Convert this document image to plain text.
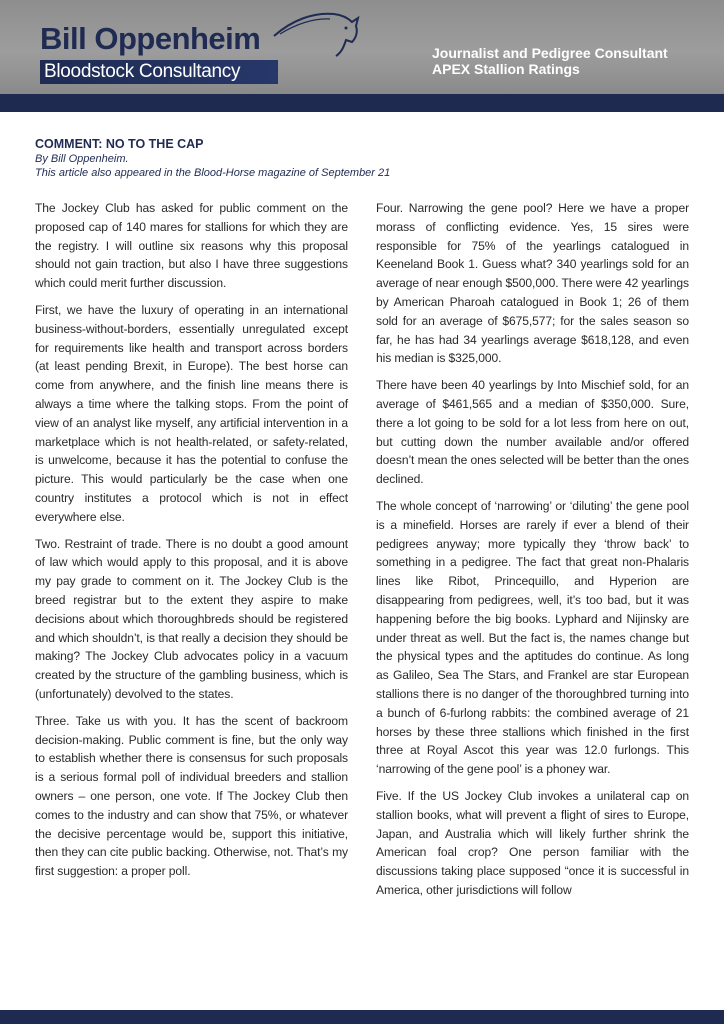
Bill Oppenheim
Bloodstock Consultancy
Journalist and Pedigree Consultant
APEX Stallion Ratings
COMMENT: NO TO THE CAP

By Bill Oppenheim.

This article also appeared in the Blood-Horse magazine of September 21

The Jockey Club has asked for public comment on the proposed cap of 140 mares for stallions for which they are the registry. I will outline six reasons why this proposal should not gain traction, but also I have three suggestions which could merit further discussion.

First, we have the luxury of operating in an international business-without-borders, essentially unregulated except for requirements like health and transport across borders (at least pending Brexit, in Europe). The best horse can come from anywhere, and the finish line means there is always a time where the talking stops. From the point of view of an analyst like myself, any artificial intervention in a marketplace which is not health-related, or safety-related, is unwelcome, because it has the potential to confuse the picture. This would particularly be the case when one country institutes a protocol which is not in effect everywhere else.

Two. Restraint of trade. There is no doubt a good amount of law which would apply to this proposal, and it is above my pay grade to comment on it. The Jockey Club is the breed registrar but to the extent they aspire to make decisions about which thoroughbreds should be registered and which shouldn’t, is that really a decision they should be making? The Jockey Club advocates policy in a vacuum created by the structure of the gambling business, which is (unfortunately) devolved to the states.

Three. Take us with you. It has the scent of backroom decision-making. Public comment is fine, but the only way to establish whether there is consensus for such proposals is a serious formal poll of individual breeders and stallion owners – one person, one vote. If The Jockey Club then comes to the industry and can show that 75%, or whatever the decisive percentage would be, support this initiative, then they can cite public backing. Otherwise, not. That’s my first suggestion: a proper poll.

Four. Narrowing the gene pool? Here we have a proper morass of conflicting evidence. Yes, 15 sires were responsible for 75% of the yearlings catalogued in Keeneland Book 1. Guess what? 340 yearlings sold for an average of near enough $500,000. There were 42 yearlings by American Pharoah catalogued in Book 1; 26 of them sold for an average of $675,577; for the sales season so far, he has had 34 yearlings average $618,128, and even his median is $325,000.

There have been 40 yearlings by Into Mischief sold, for an average of $461,565 and a median of $350,000. Sure, there a lot going to be sold for a lot less from here on out, but cutting down the number available and/or offered doesn’t mean the ones selected will be better than the ones declined.

The whole concept of ‘narrowing’ or ‘diluting’ the gene pool is a minefield. Horses are rarely if ever a blend of their pedigrees anyway; more typically they ‘throw back’ to something in a pedigree. The fact that great non-Phalaris lines like Ribot, Princequillo, and Hyperion are disappearing from pedigrees, well, it’s too bad, but it was happening before the big books. Lyphard and Nijinsky are under threat as well. But the fact is, the names change but the physical types and the aptitudes do continue. As long as Galileo, Sea The Stars, and Frankel are star European stallions there is no danger of the thoroughbred turning into a bunch of 6-furlong rabbits: the combined average of 21 horses by these three stallions which finished in the first three at Royal Ascot this year was 12.0 furlongs. This ‘narrowing of the gene pool’ is a phoney war.

Five. If the US Jockey Club invokes a unilateral cap on stallion books, what will prevent a flight of sires to Europe, Japan, and Australia which will likely further shrink the American foal crop? One person familiar with the discussions taking place supposed “once it is successful in America, other jurisdictions will follow
